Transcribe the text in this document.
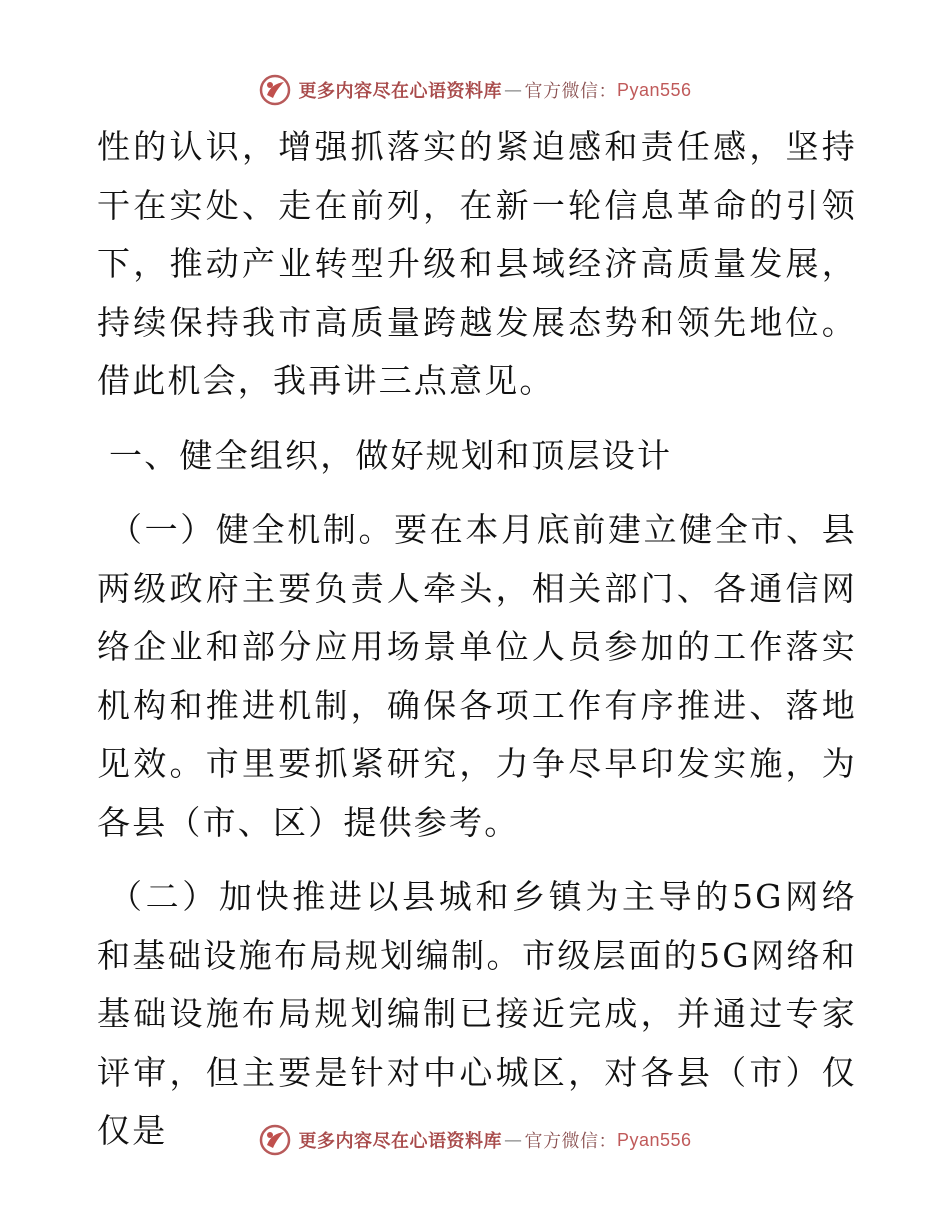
更多内容尽在心语资料库 — 官方微信： Pyan556

性的认识，增强抓落实的紧迫感和责任感，坚持干在实处、走在前列，在新一轮信息革命的引领下，推动产业转型升级和县域经济高质量发展，持续保持我市高质量跨越发展态势和领先地位。借此机会，我再讲三点意见。

一、健全组织，做好规划和顶层设计

（一）健全机制。要在本月底前建立健全市、县两级政府主要负责人牵头，相关部门、各通信网络企业和部分应用场景单位人员参加的工作落实机构和推进机制，确保各项工作有序推进、落地见效。市里要抓紧研究，力争尽早印发实施，为各县（市、区）提供参考。

（二）加快推进以县城和乡镇为主导的5G网络和基础设施布局规划编制。市级层面的5G网络和基础设施布局规划编制已接近完成，并通过专家评审，但主要是针对中心城区，对各县（市）仅仅是	更多内容尽在心语资料库 — 官方微信： Pyan556
